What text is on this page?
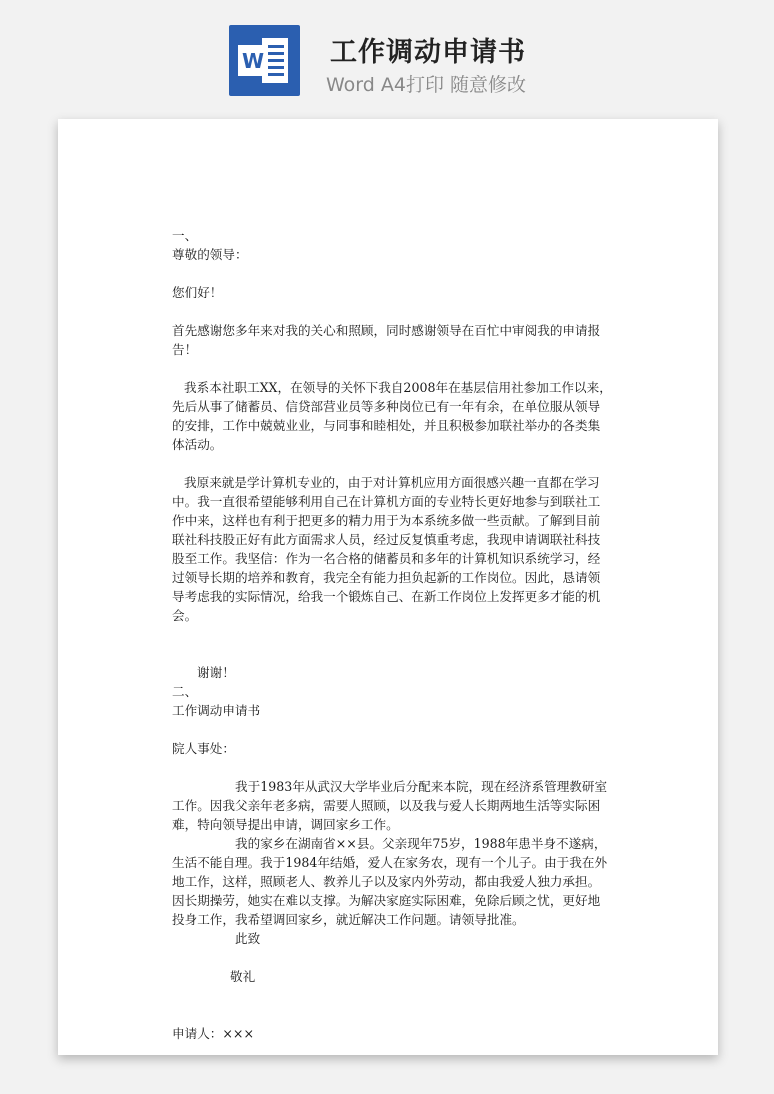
W 工作调动申请书
Word A4打印 随意修改

一、

尊敬的领导：

您们好！

首先感谢您多年来对我的关心和照顾，同时感谢领导在百忙中审阅我的申请报告！

我系本社职工XX，在领导的关怀下我自2008年在基层信用社参加工作以来，先后从事了储蓄员、信贷部营业员等多种岗位已有一年有余，在单位服从领导的安排，工作中兢兢业业，与同事和睦相处，并且积极参加联社举办的各类集体活动。

我原来就是学计算机专业的，由于对计算机应用方面很感兴趣一直都在学习中。我一直很希望能够利用自己在计算机方面的专业特长更好地参与到联社工作中来，这样也有利于把更多的精力用于为本系统多做一些贡献。了解到目前联社科技股正好有此方面需求人员，经过反复慎重考虑，我现申请调联社科技股至工作。我坚信：作为一名合格的储蓄员和多年的计算机知识系统学习，经过领导长期的培养和教育，我完全有能力担负起新的工作岗位。因此，恳请领导考虑我的实际情况，给我一个锻炼自己、在新工作岗位上发挥更多才能的机会。

谢谢！

二、

工作调动申请书

院人事处：

我于1983年从武汉大学毕业后分配来本院，现在经济系管理教研室工作。因我父亲年老多病，需要人照顾，以及我与爱人长期两地生活等实际困难，特向领导提出申请，调回家乡工作。

我的家乡在湖南省××县。父亲现年75岁，1988年患半身不遂病，生活不能自理。我于1984年结婚，爱人在家务农，现有一个儿子。由于我在外地工作，这样，照顾老人、教养儿子以及家内外劳动，都由我爱人独力承担。因长期操劳，她实在难以支撑。为解决家庭实际困难，免除后顾之忧，更好地投身工作，我希望调回家乡，就近解决工作问题。请领导批准。

此致

敬礼

申请人：×××
